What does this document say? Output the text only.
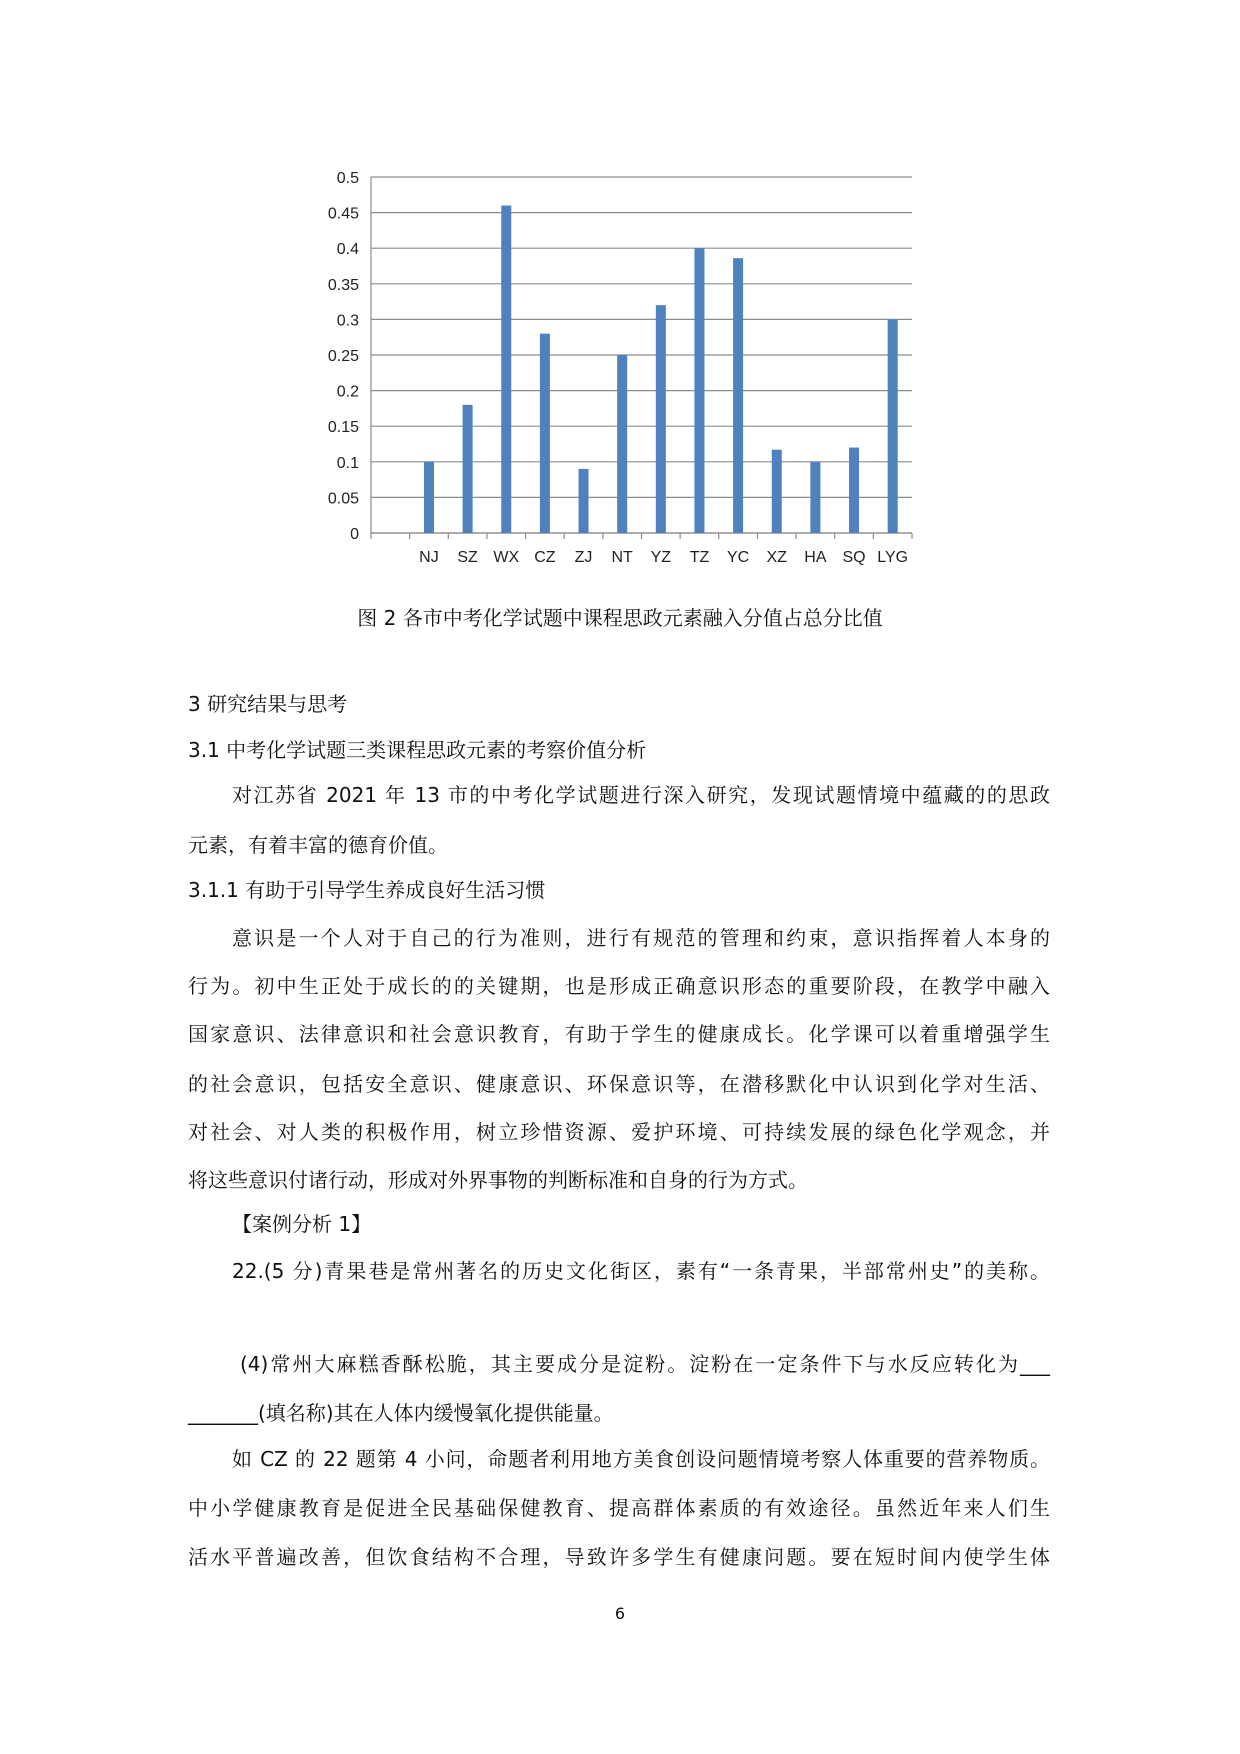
0
0.05
0.1
0.15
0.2
0.25
0.3
0.35
0.4
0.45
0.5
NJ SZ WX CZ ZJ NT YZ TZ YC XZ HA SQ LYG
图 2 各市中考化学试题中课程思政元素融入分值占总分比值
3 研究结果与思考
3.1 中考化学试题三类课程思政元素的考察价值分析
对江苏省 2021 年 13 市的中考化学试题进行深入研究，发现试题情境中蕴藏的的思政
元素，有着丰富的德育价值。
3.1.1 有助于引导学生养成良好生活习惯
意识是一个人对于自己的行为准则，进行有规范的管理和约束，意识指挥着人本身的
行为。初中生正处于成长的的关键期，也是形成正确意识形态的重要阶段，在教学中融入
国家意识、法律意识和社会意识教育，有助于学生的健康成长。化学课可以着重增强学生
的社会意识，包括安全意识、健康意识、环保意识等，在潜移默化中认识到化学对生活、
对社会、对人类的积极作用，树立珍惜资源、爱护环境、可持续发展的绿色化学观念，并
将这些意识付诸行动，形成对外界事物的判断标准和自身的行为方式。
【案例分析 1】
22.(5 分)青果巷是常州著名的历史文化街区，素有“一条青果，半部常州史”的美称。
(4)常州大麻糕香酥松脆，其主要成分是淀粉。淀粉在一定条件下与水反应转化为___
_______(填名称)其在人体内缓慢氧化提供能量。
如 CZ 的 22 题第 4 小问，命题者利用地方美食创设问题情境考察人体重要的营养物质。
中小学健康教育是促进全民基础保健教育、提高群体素质的有效途径。虽然近年来人们生
活水平普遍改善，但饮食结构不合理，导致许多学生有健康问题。要在短时间内使学生体
6
